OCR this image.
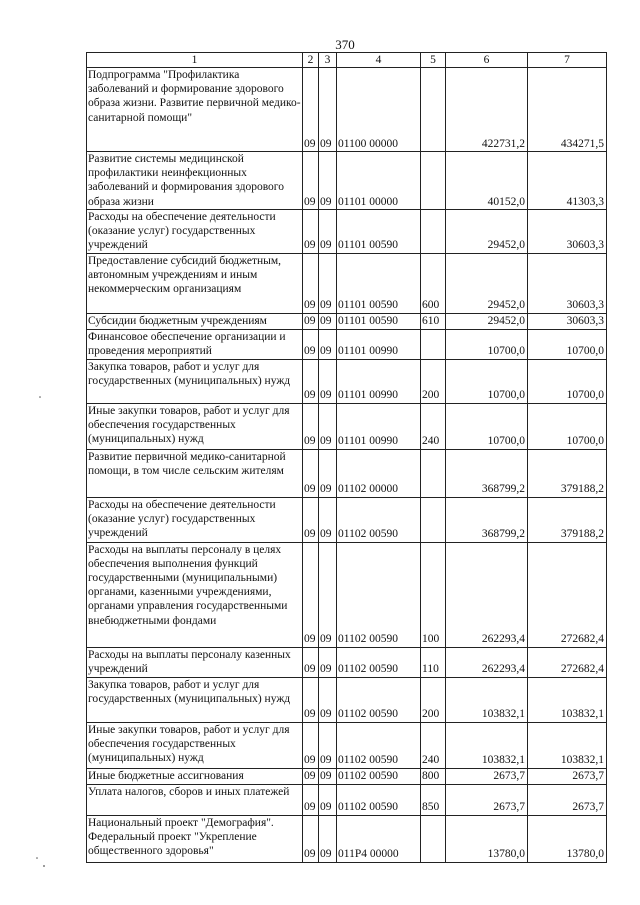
370
1	2	3	4	5	6	7
Подпрограмма "Профилактика заболеваний и формирование здорового образа жизни. Развитие первичной медико-санитарной помощи"	09	09	01100 00000		422731,2	434271,5
Развитие системы медицинской профилактики неинфекционных заболеваний и формирования здорового образа жизни	09	09	01101 00000		40152,0	41303,3
Расходы на обеспечение деятельности (оказание услуг) государственных учреждений	09	09	01101 00590		29452,0	30603,3
Предоставление субсидий бюджетным, автономным учреждениям и иным некоммерческим организациям	09	09	01101 00590	600	29452,0	30603,3
Субсидии бюджетным учреждениям	09	09	01101 00590	610	29452,0	30603,3
Финансовое обеспечение организации и проведения мероприятий	09	09	01101 00990		10700,0	10700,0
Закупка товаров, работ и услуг для государственных (муниципальных) нужд	09	09	01101 00990	200	10700,0	10700,0
Иные закупки товаров, работ и услуг для обеспечения государственных (муниципальных) нужд	09	09	01101 00990	240	10700,0	10700,0
Развитие первичной медико-санитарной помощи, в том числе сельским жителям	09	09	01102 00000		368799,2	379188,2
Расходы на обеспечение деятельности (оказание услуг) государственных учреждений	09	09	01102 00590		368799,2	379188,2
Расходы на выплаты персоналу в целях обеспечения выполнения функций государственными (муниципальными) органами, казенными учреждениями, органами управления государственными внебюджетными фондами	09	09	01102 00590	100	262293,4	272682,4
Расходы на выплаты персоналу казенных учреждений	09	09	01102 00590	110	262293,4	272682,4
Закупка товаров, работ и услуг для государственных (муниципальных) нужд	09	09	01102 00590	200	103832,1	103832,1
Иные закупки товаров, работ и услуг для обеспечения государственных (муниципальных) нужд	09	09	01102 00590	240	103832,1	103832,1
Иные бюджетные ассигнования	09	09	01102 00590	800	2673,7	2673,7
Уплата налогов, сборов и иных платежей	09	09	01102 00590	850	2673,7	2673,7
Национальный проект "Демография". Федеральный проект "Укрепление общественного здоровья"	09	09	011P4 00000		13780,0	13780,0
